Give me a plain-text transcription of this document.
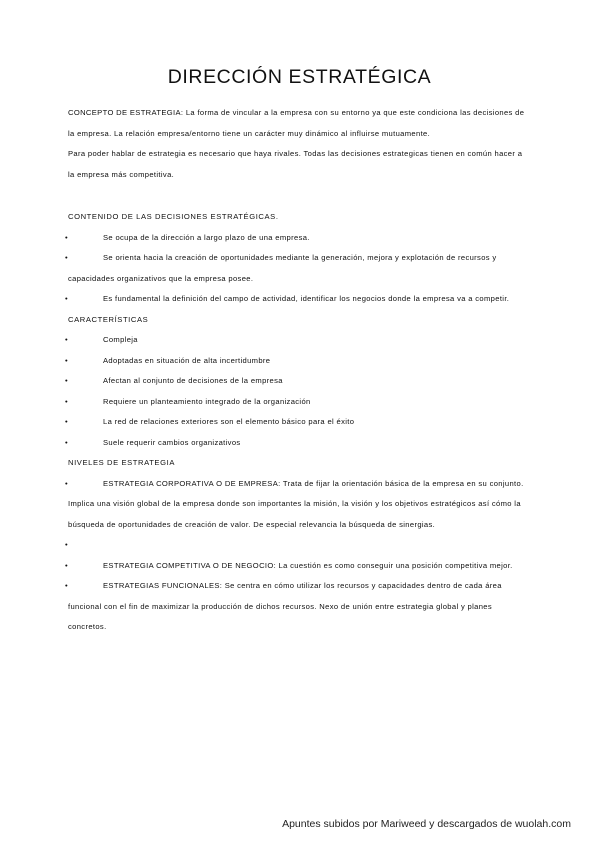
DIRECCIÓN ESTRATÉGICA

CONCEPTO DE ESTRATEGIA: La forma de vincular a la empresa con su entorno ya que este condiciona las decisiones de la empresa. La relación empresa/entorno tiene un carácter muy dinámico al influirse mutuamente.

Para poder hablar de estrategia es necesario que haya rivales. Todas las decisiones estrategicas tienen en común hacer a la empresa más competitiva.

CONTENIDO DE LAS DECISIONES ESTRATÉGICAS.

•	Se ocupa de la dirección a largo plazo de una empresa.
•	Se orienta hacia la creación de oportunidades mediante la generación, mejora y explotación de recursos y capacidades organizativos que la empresa posee.
•	Es fundamental la definición del campo de actividad, identificar los negocios donde la empresa va a competir.

CARACTERÍSTICAS

•	Compleja
•	Adoptadas en situación de alta incertidumbre
•	Afectan al conjunto de decisiones de la empresa
•	Requiere un planteamiento integrado de la organización
•	La red de relaciones exteriores son el elemento básico para el éxito
•	Suele requerir cambios organizativos

NIVELES DE ESTRATEGIA

•	ESTRATEGIA CORPORATIVA O DE EMPRESA: Trata de fijar la orientación básica de la empresa en su conjunto. Implica una visión global de la empresa donde son importantes la misión, la visión y los objetivos estratégicos así cómo la búsqueda de oportunidades de creación de valor. De especial relevancia la búsqueda de sinergias.
•

•	ESTRATEGIA COMPETITIVA O DE NEGOCIO: La cuestión es como conseguir una posición competitiva mejor.
•	ESTRATEGIAS FUNCIONALES: Se centra en cómo utilizar los recursos y capacidades dentro de cada área funcional con el fin de maximizar la producción de dichos recursos. Nexo de unión entre estrategia global y planes concretos.
Apuntes subidos por Mariweed y descargados de wuolah.com
